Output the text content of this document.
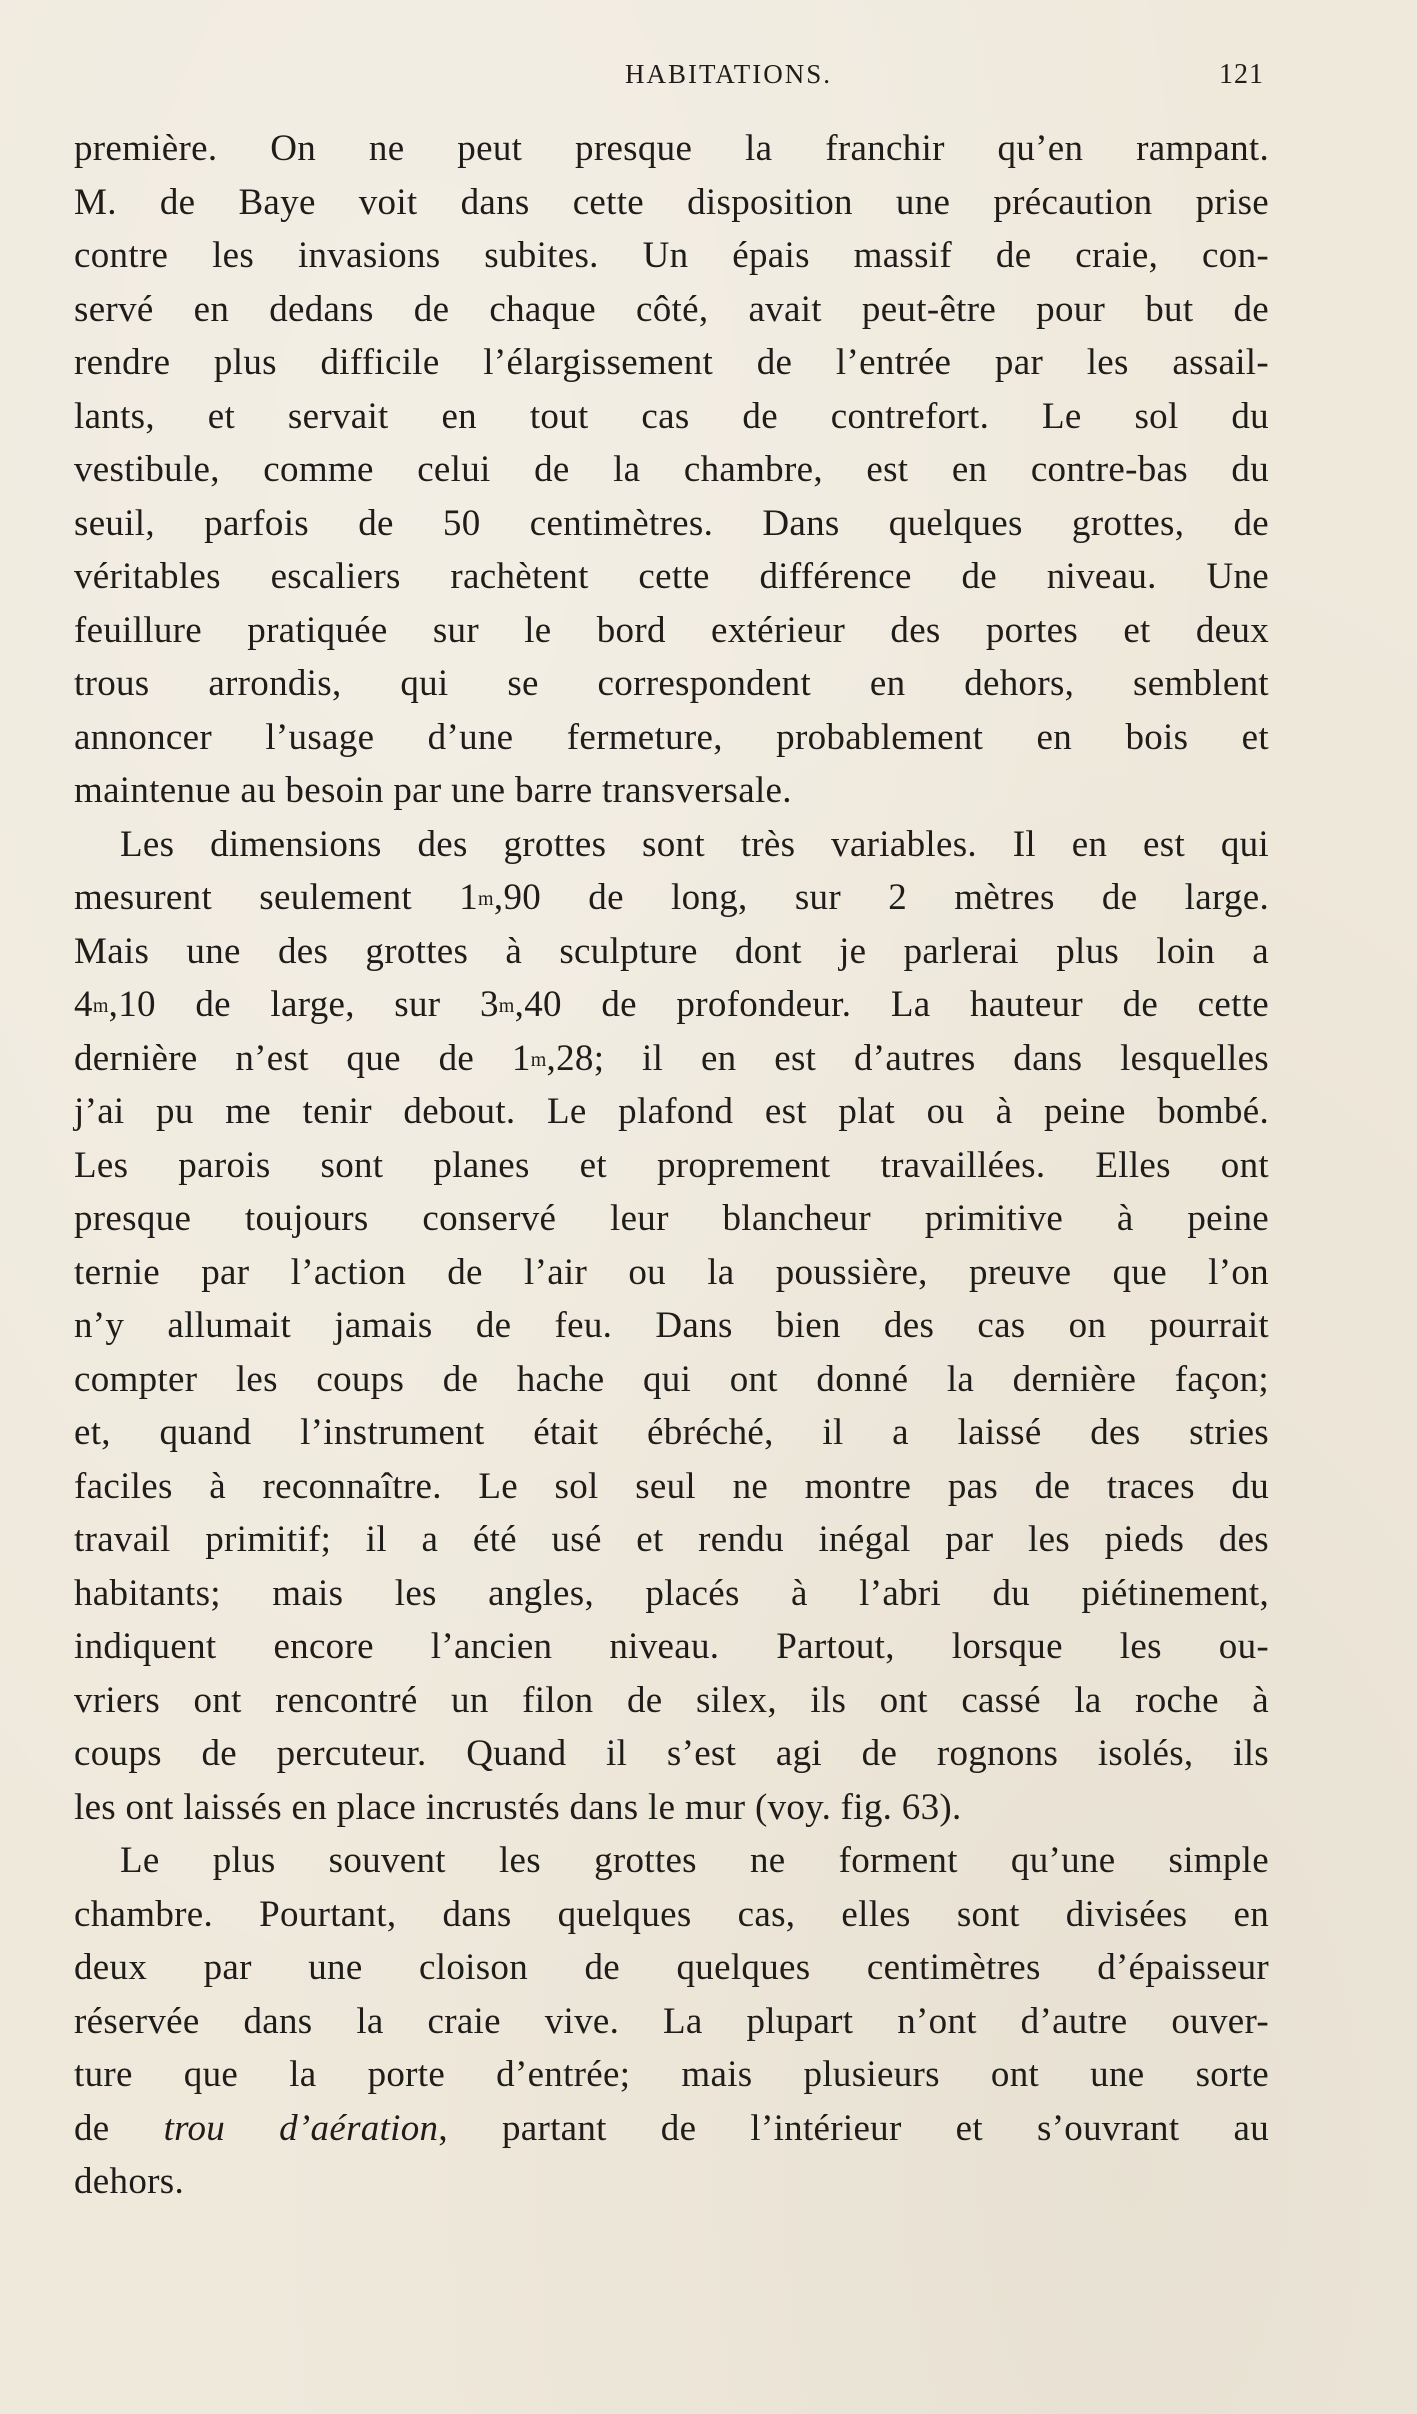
HABITATIONS.	121
première. On ne peut presque la franchir qu’en rampant.
M. de Baye voit dans cette disposition une précaution prise
contre les invasions subites. Un épais massif de craie, con-
servé en dedans de chaque côté, avait peut-être pour but de
rendre plus difficile l’élargissement de l’entrée par les assail-
lants, et servait en tout cas de contrefort. Le sol du
vestibule, comme celui de la chambre, est en contre-bas du
seuil, parfois de 50 centimètres. Dans quelques grottes, de
véritables escaliers rachètent cette différence de niveau. Une
feuillure pratiquée sur le bord extérieur des portes et deux
trous arrondis, qui se correspondent en dehors, semblent
annoncer l’usage d’une fermeture, probablement en bois et
maintenue au besoin par une barre transversale.
Les dimensions des grottes sont très variables. Il en est qui
mesurent seulement 1$^m$,90 de long, sur 2 mètres de large.
Mais une des grottes à sculpture dont je parlerai plus loin a
4$^m$,10 de large, sur 3$^m$,40 de profondeur. La hauteur de cette
dernière n’est que de 1$^m$,28; il en est d’autres dans lesquelles
j’ai pu me tenir debout. Le plafond est plat ou à peine bombé.
Les parois sont planes et proprement travaillées. Elles ont
presque toujours conservé leur blancheur primitive à peine
ternie par l’action de l’air ou la poussière, preuve que l’on
n’y allumait jamais de feu. Dans bien des cas on pourrait
compter les coups de hache qui ont donné la dernière façon;
et, quand l’instrument était ébréché, il a laissé des stries
faciles à reconnaître. Le sol seul ne montre pas de traces du
travail primitif; il a été usé et rendu inégal par les pieds des
habitants; mais les angles, placés à l’abri du piétinement,
indiquent encore l’ancien niveau. Partout, lorsque les ou-
vriers ont rencontré un filon de silex, ils ont cassé la roche à
coups de percuteur. Quand il s’est agi de rognons isolés, ils
les ont laissés en place incrustés dans le mur (voy. fig. 63).
Le plus souvent les grottes ne forment qu’une simple
chambre. Pourtant, dans quelques cas, elles sont divisées en
deux par une cloison de quelques centimètres d’épaisseur
réservée dans la craie vive. La plupart n’ont d’autre ouver-
ture que la porte d’entrée; mais plusieurs ont une sorte
de trou d’aération, partant de l’intérieur et s’ouvrant au
dehors.
